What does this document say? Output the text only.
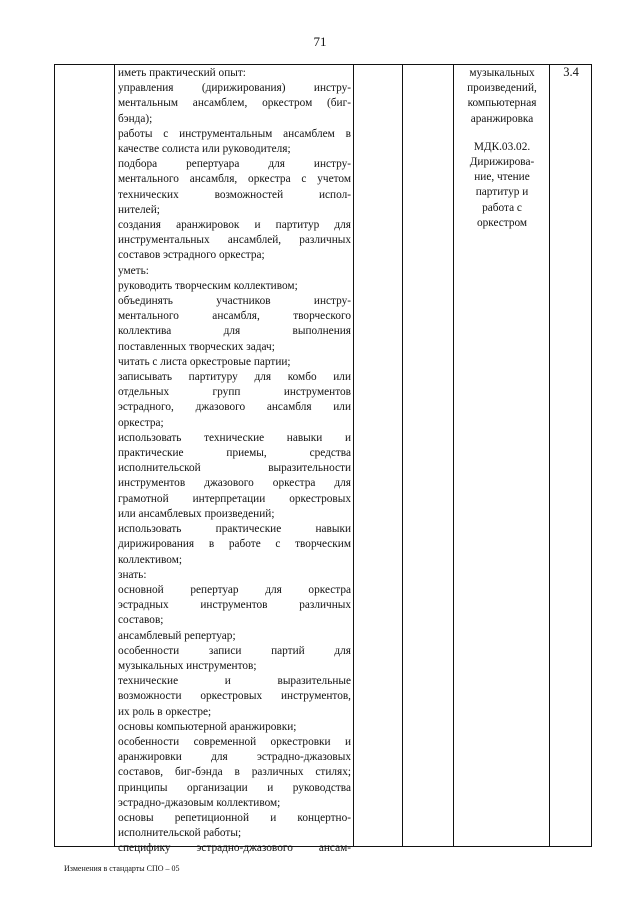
71
иметь практический опыт:
управления (дирижирования) инстру-
ментальным ансамблем, оркестром (биг-
бэнда);
работы с инструментальным ансамблем в
качестве солиста или руководителя;
подбора репертуара для инстру-
ментального ансамбля, оркестра с учетом
технических возможностей испол-
нителей;
создания аранжировок и партитур для
инструментальных ансамблей, различных
составов эстрадного оркестра;
уметь:
руководить творческим коллективом;
объединять участников инстру-
ментального ансамбля, творческого
коллектива для выполнения
поставленных творческих задач;
читать с листа оркестровые партии;
записывать партитуру для комбо или
отдельных групп инструментов
эстрадного, джазового ансамбля или
оркестра;
использовать технические навыки и
практические приемы, средства
исполнительской выразительности
инструментов джазового оркестра для
грамотной интерпретации оркестровых
или ансамблевых произведений;
использовать практические навыки
дирижирования в работе с творческим
коллективом;
знать:
основной репертуар для оркестра
эстрадных инструментов различных
составов;
ансамблевый репертуар;
особенности записи партий для
музыкальных инструментов;
технические и выразительные
возможности оркестровых инструментов,
их роль в оркестре;
основы компьютерной аранжировки;
особенности современной оркестровки и
аранжировки для эстрадно-джазовых
составов, биг-бэнда в различных стилях;
принципы организации и руководства
эстрадно-джазовым коллективом;
основы репетиционной и концертно-
исполнительской работы;
специфику эстрадно-джазового ансам-
музыкальных
произведений,
компьютерная
аранжировка
МДК.03.02.
Дирижирова-
ние, чтение
партитур и
работа с
оркестром
3.4
Изменения в стандарты СПО – 05
